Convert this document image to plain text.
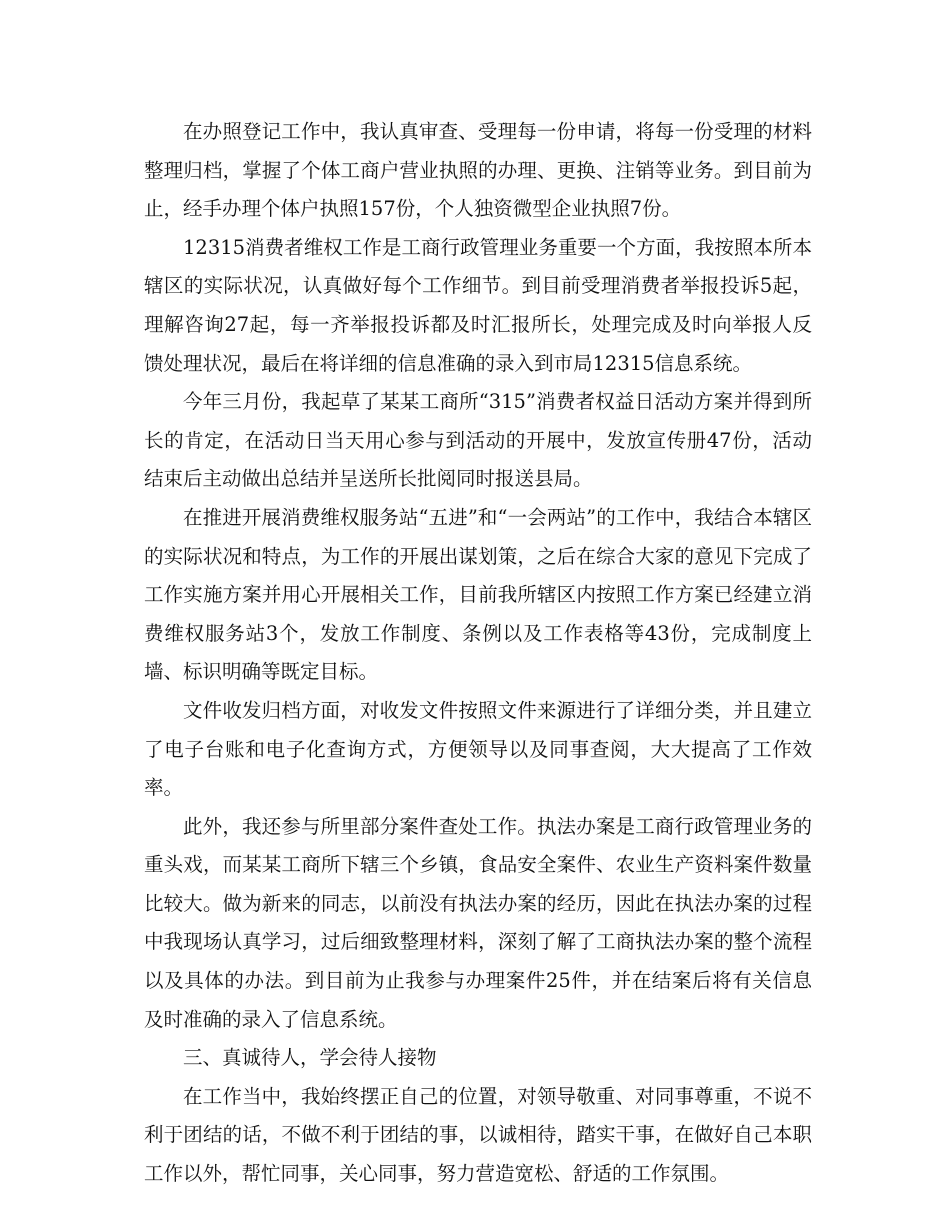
在办照登记工作中，我认真审查、受理每一份申请，将每一份受理的材料整理归档，掌握了个体工商户营业执照的办理、更换、注销等业务。到目前为止，经手办理个体户执照157份，个人独资微型企业执照7份。

12315消费者维权工作是工商行政管理业务重要一个方面，我按照本所本辖区的实际状况，认真做好每个工作细节。到目前受理消费者举报投诉5起，理解咨询27起，每一齐举报投诉都及时汇报所长，处理完成及时向举报人反馈处理状况，最后在将详细的信息准确的录入到市局12315信息系统。

今年三月份，我起草了某某工商所“315”消费者权益日活动方案并得到所长的肯定，在活动日当天用心参与到活动的开展中，发放宣传册47份，活动结束后主动做出总结并呈送所长批阅同时报送县局。

在推进开展消费维权服务站“五进”和“一会两站”的工作中，我结合本辖区的实际状况和特点，为工作的开展出谋划策，之后在综合大家的意见下完成了工作实施方案并用心开展相关工作，目前我所辖区内按照工作方案已经建立消费维权服务站3个，发放工作制度、条例以及工作表格等43份，完成制度上墙、标识明确等既定目标。

文件收发归档方面，对收发文件按照文件来源进行了详细分类，并且建立了电子台账和电子化查询方式，方便领导以及同事查阅，大大提高了工作效率。

此外，我还参与所里部分案件查处工作。执法办案是工商行政管理业务的重头戏，而某某工商所下辖三个乡镇，食品安全案件、农业生产资料案件数量比较大。做为新来的同志，以前没有执法办案的经历，因此在执法办案的过程中我现场认真学习，过后细致整理材料，深刻了解了工商执法办案的整个流程以及具体的办法。到目前为止我参与办理案件25件，并在结案后将有关信息及时准确的录入了信息系统。

三、真诚待人，学会待人接物

在工作当中，我始终摆正自己的位置，对领导敬重、对同事尊重，不说不利于团结的话，不做不利于团结的事，以诚相待，踏实干事，在做好自己本职工作以外，帮忙同事，关心同事，努力营造宽松、舒适的工作氛围。
